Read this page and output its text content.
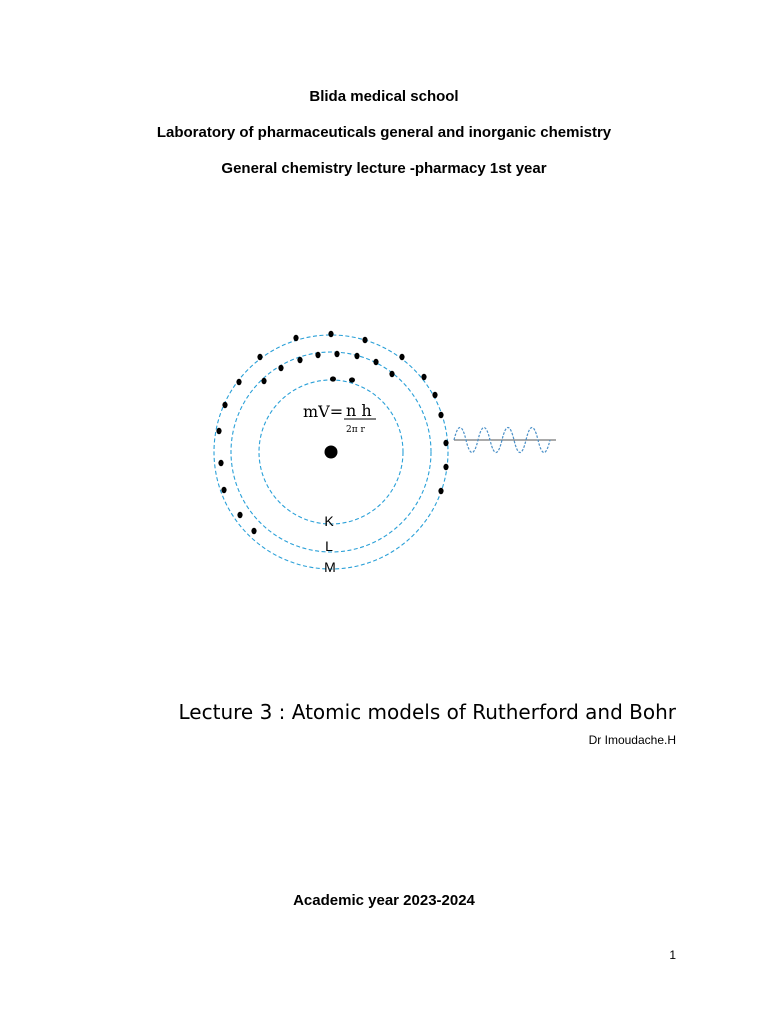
Blida medical school
Laboratory of pharmaceuticals general and inorganic chemistry
General chemistry lecture -pharmacy 1st year
mV= n h
2π r
K
L
M
Lecture 3 : Atomic models of Rutherford and Bohr
Dr Imoudache.H
Academic year 2023-2024
1
